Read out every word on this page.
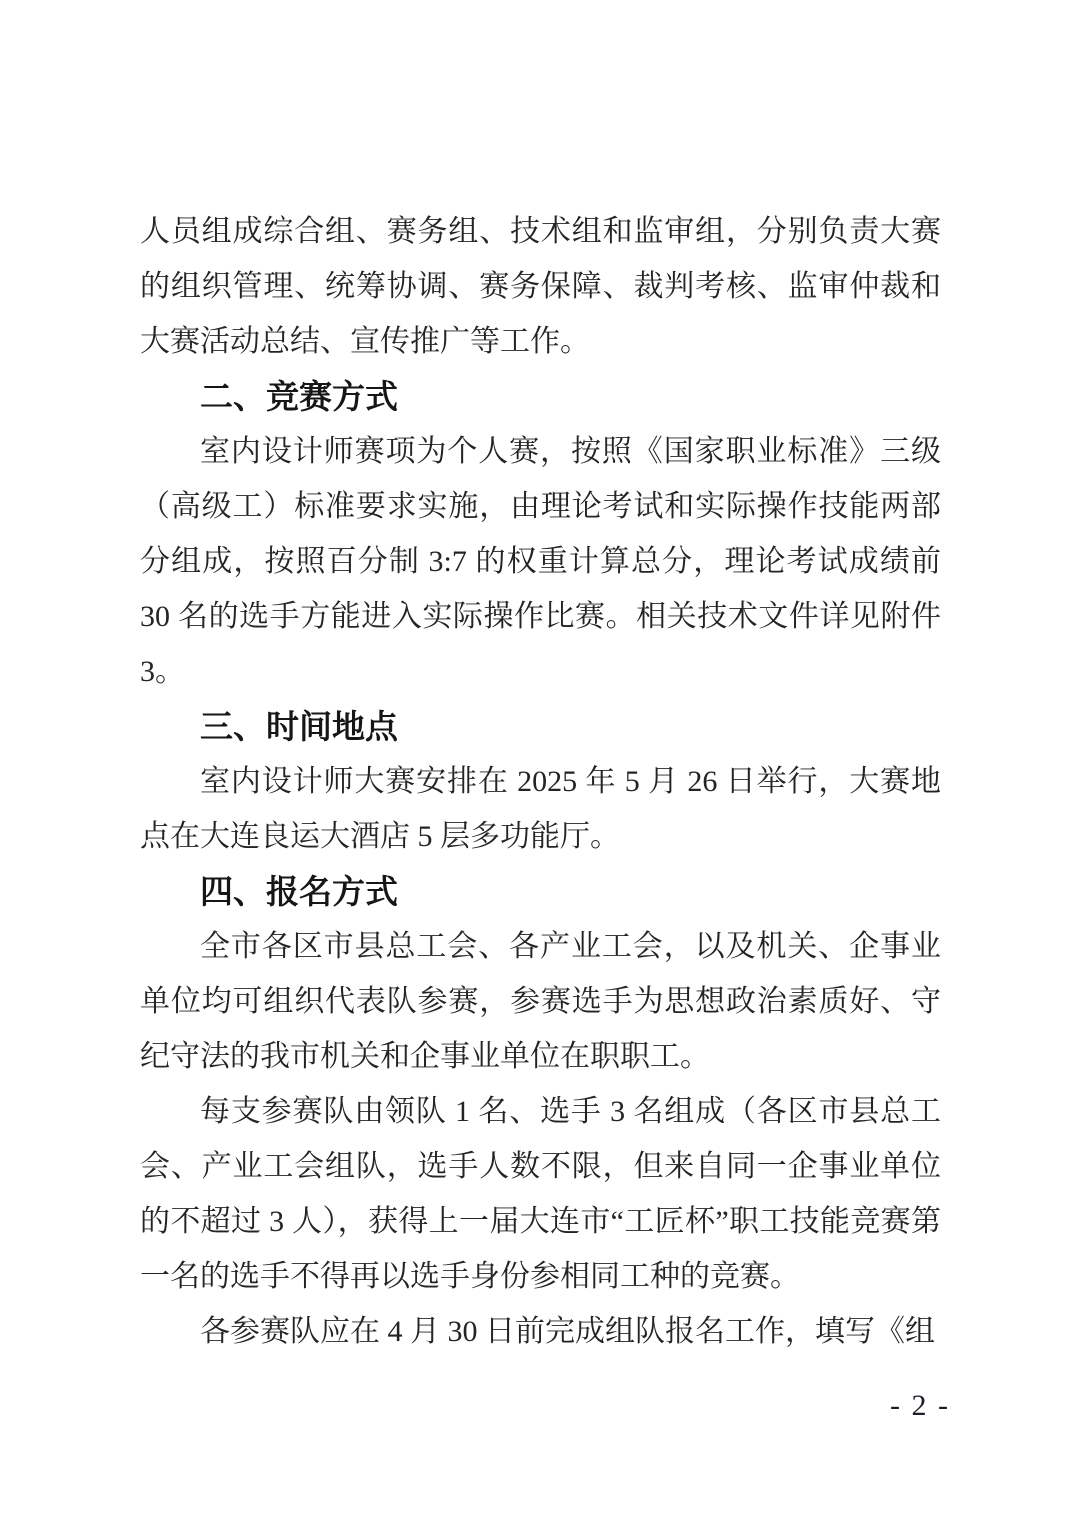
人员组成综合组、赛务组、技术组和监审组，分别负责大赛的组织管理、统筹协调、赛务保障、裁判考核、监审仲裁和大赛活动总结、宣传推广等工作。
二、竞赛方式
室内设计师赛项为个人赛，按照《国家职业标准》三级（高级工）标准要求实施，由理论考试和实际操作技能两部分组成，按照百分制 3:7 的权重计算总分，理论考试成绩前 30 名的选手方能进入实际操作比赛。相关技术文件详见附件 3。
三、时间地点
室内设计师大赛安排在 2025 年 5 月 26 日举行，大赛地点在大连良运大酒店 5 层多功能厅。
四、报名方式
全市各区市县总工会、各产业工会，以及机关、企事业单位均可组织代表队参赛，参赛选手为思想政治素质好、守纪守法的我市机关和企事业单位在职职工。
每支参赛队由领队 1 名、选手 3 名组成（各区市县总工会、产业工会组队，选手人数不限，但来自同一企事业单位的不超过 3 人），获得上一届大连市“工匠杯”职工技能竞赛第一名的选手不得再以选手身份参相同工种的竞赛。
各参赛队应在 4 月 30 日前完成组队报名工作，填写《组
- 2 -
